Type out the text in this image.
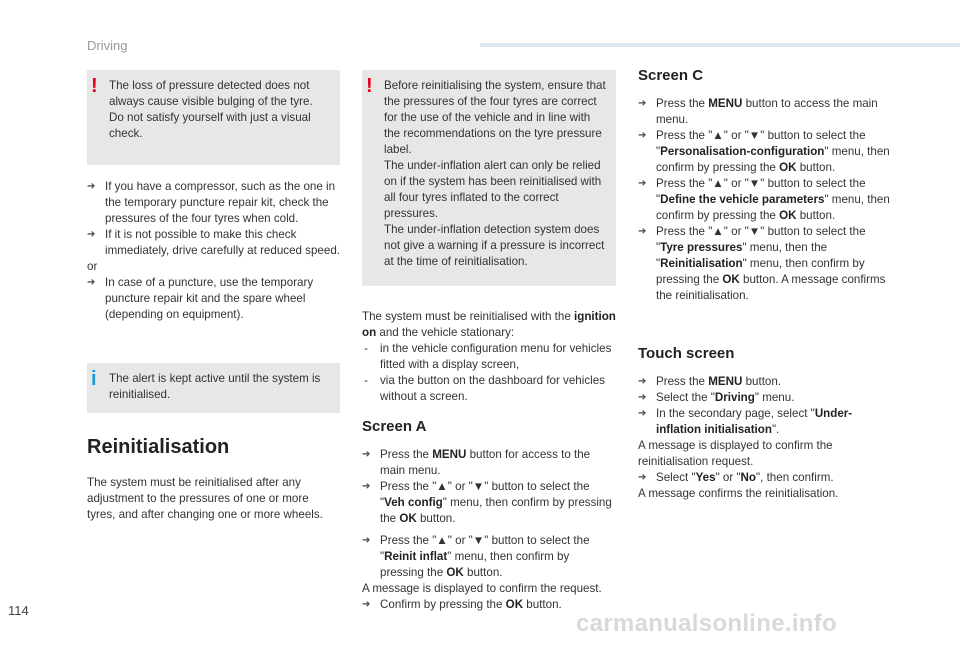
Driving
! The loss of pressure detected does not always cause visible bulging of the tyre. Do not satisfy yourself with just a visual check.

➔ If you have a compressor, such as the one in the temporary puncture repair kit, check the pressures of the four tyres when cold.
➔ If it is not possible to make this check immediately, drive carefully at reduced speed.

or

➔ In case of a puncture, use the temporary puncture repair kit and the spare wheel (depending on equipment).
i The alert is kept active until the system is reinitialised.

Reinitialisation

The system must be reinitialised after any adjustment to the pressures of one or more tyres, and after changing one or more wheels.

! Before reinitialising the system, ensure that the pressures of the four tyres are correct for the use of the vehicle and in line with the recommendations on the tyre pressure label.
The under-inflation alert can only be relied on if the system has been reinitialised with all four tyres inflated to the correct pressures.
The under-inflation detection system does not give a warning if a pressure is incorrect at the time of reinitialisation.

The system must be reinitialised with the ignition on and the vehicle stationary:

- in the vehicle configuration menu for vehicles fitted with a display screen,
- via the button on the dashboard for vehicles without a screen.
Screen A
➔ Press the MENU button for access to the main menu.
➔ Press the "▲" or "▼" button to select the "Veh config" menu, then confirm by pressing the OK button.
➔ Press the "▲" or "▼" button to select the "Reinit inflat" menu, then confirm by pressing the OK button.

A message is displayed to confirm the request.

➔ Confirm by pressing the OK button.
Screen C
➔ Press the MENU button to access the main menu.
➔ Press the "▲" or "▼" button to select the "Personalisation-configuration" menu, then confirm by pressing the OK button.
➔ Press the "▲" or "▼" button to select the "Define the vehicle parameters" menu, then confirm by pressing the OK button.
➔ Press the "▲" or "▼" button to select the "Tyre pressures" menu, then the "Reinitialisation" menu, then confirm by pressing the OK button. A message confirms the reinitialisation.
Touch screen
➔ Press the MENU button.
➔ Select the "Driving" menu.
➔ In the secondary page, select "Under-inflation initialisation".

A message is displayed to confirm the reinitialisation request.

➔ Select "Yes" or "No", then confirm.

A message confirms the reinitialisation.

114	carmanualsonline.info
